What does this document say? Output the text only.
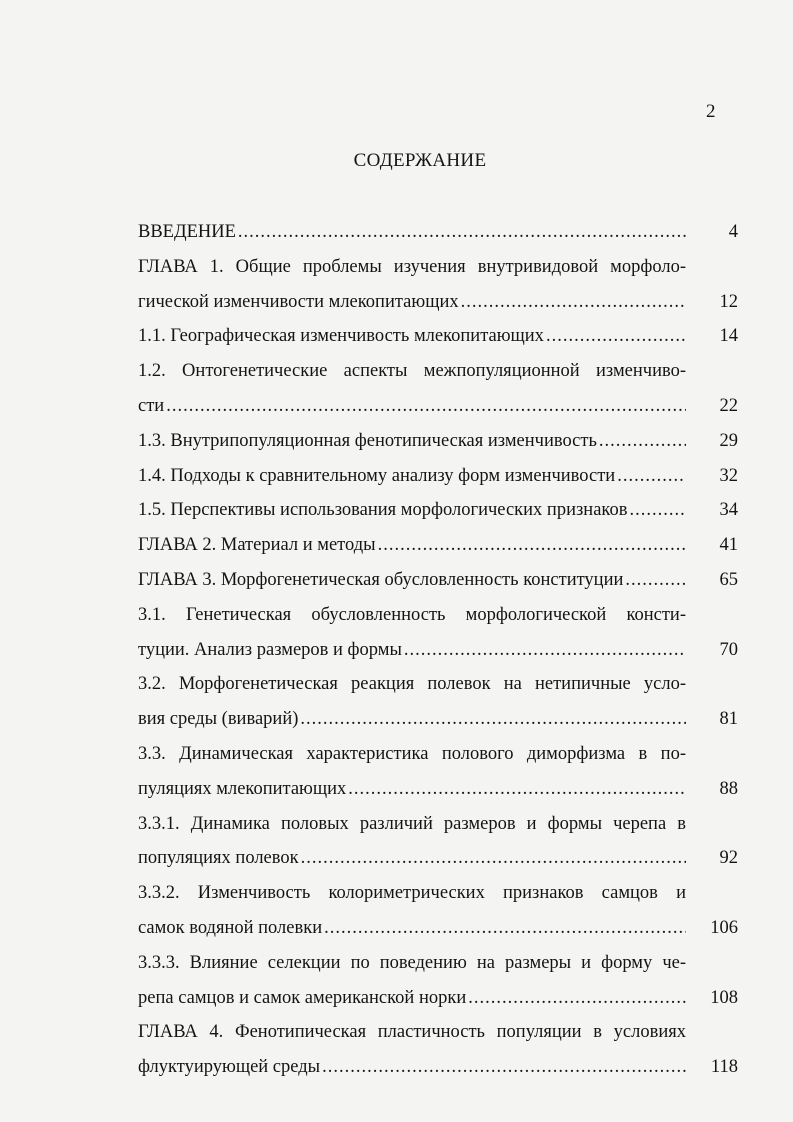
2
СОДЕРЖАНИЕ
ВВЕДЕНИЕ .....	4
ГЛАВА 1. Общие проблемы изучения внутривидовой морфоло-
гической изменчивости млекопитающих .....	12
1.1. Географическая изменчивость млекопитающих .....	14
1.2. Онтогенетические аспекты межпопуляционной изменчиво-
сти .....	22
1.3. Внутрипопуляционная фенотипическая изменчивость .....	29
1.4. Подходы к сравнительному анализу форм изменчивости .....	32
1.5. Перспективы использования морфологических признаков .....	34
ГЛАВА 2. Материал и методы .....	41
ГЛАВА 3. Морфогенетическая обусловленность конституции .....	65
3.1. Генетическая обусловленность морфологической консти-
туции. Анализ размеров и формы .....	70
3.2. Морфогенетическая реакция полевок на нетипичные усло-
вия среды (виварий) .....	81
3.3. Динамическая характеристика полового диморфизма в по-
пуляциях млекопитающих .....	88
3.3.1. Динамика половых различий размеров и формы черепа в
популяциях полевок .....	92
3.3.2. Изменчивость колориметрических признаков самцов и
самок водяной полевки .....	106
3.3.3. Влияние селекции по поведению на размеры и форму че-
репа самцов и самок американской норки .....	108
ГЛАВА 4. Фенотипическая пластичность популяции в условиях
флуктуирующей среды .....	118
